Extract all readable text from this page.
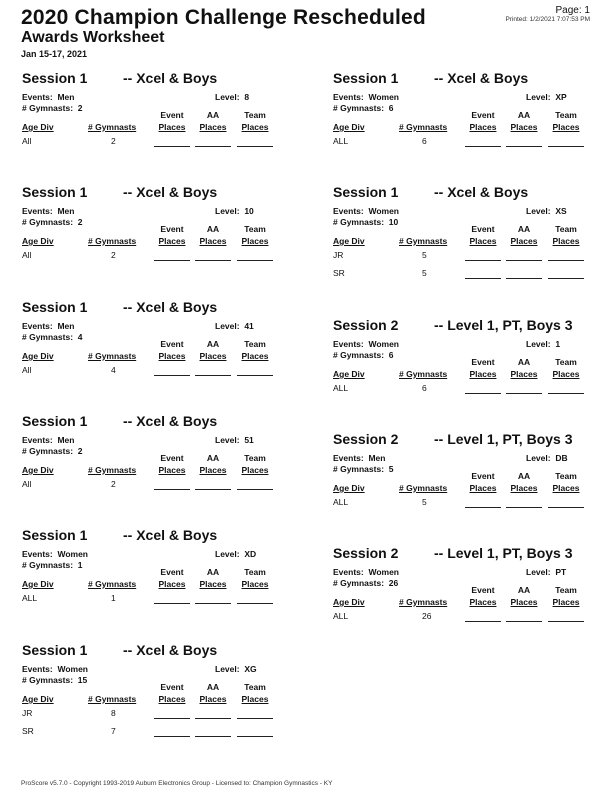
2020 Champion Challenge Rescheduled
Awards Worksheet
Jan 15-17, 2021
Page: 1
Printed: 1/2/2021 7:07:53 PM
Session 1	-- Xcel & Boys
Events: Men	Level: 8
# Gymnasts: 2
Event	AA	Team
Age Div	# Gymnasts	Places	Places	Places
All	2
Session 1	-- Xcel & Boys
Events: Men	Level: 10
# Gymnasts: 2
Event	AA	Team
Age Div	# Gymnasts	Places	Places	Places
All	2
Session 1	-- Xcel & Boys
Events: Men	Level: 41
# Gymnasts: 4
Event	AA	Team
Age Div	# Gymnasts	Places	Places	Places
All	4
Session 1	-- Xcel & Boys
Events: Men	Level: 51
# Gymnasts: 2
Event	AA	Team
Age Div	# Gymnasts	Places	Places	Places
All	2
Session 1	-- Xcel & Boys
Events: Women	Level: XD
# Gymnasts: 1
Event	AA	Team
Age Div	# Gymnasts	Places	Places	Places
ALL	1
Session 1	-- Xcel & Boys
Events: Women	Level: XG
# Gymnasts: 15
Event	AA	Team
Age Div	# Gymnasts	Places	Places	Places
JR	8
SR	7
Session 1	-- Xcel & Boys
Events: Women	Level: XP
# Gymnasts: 6
Event	AA	Team
Age Div	# Gymnasts	Places	Places	Places
ALL	6
Session 1	-- Xcel & Boys
Events: Women	Level: XS
# Gymnasts: 10
Event	AA	Team
Age Div	# Gymnasts	Places	Places	Places
JR	5
SR	5
Session 2	-- Level 1, PT, Boys 3
Events: Women	Level: 1
# Gymnasts: 6
Event	AA	Team
Age Div	# Gymnasts	Places	Places	Places
ALL	6
Session 2	-- Level 1, PT, Boys 3
Events: Men	Level: DB
# Gymnasts: 5
Event	AA	Team
Age Div	# Gymnasts	Places	Places	Places
ALL	5
Session 2	-- Level 1, PT, Boys 3
Events: Women	Level: PT
# Gymnasts: 26
Event	AA	Team
Age Div	# Gymnasts	Places	Places	Places
ALL	26
ProScore v5.7.0 - Copyright 1993-2019 Auburn Electronics Group - Licensed to: Champion Gymnastics - KY
